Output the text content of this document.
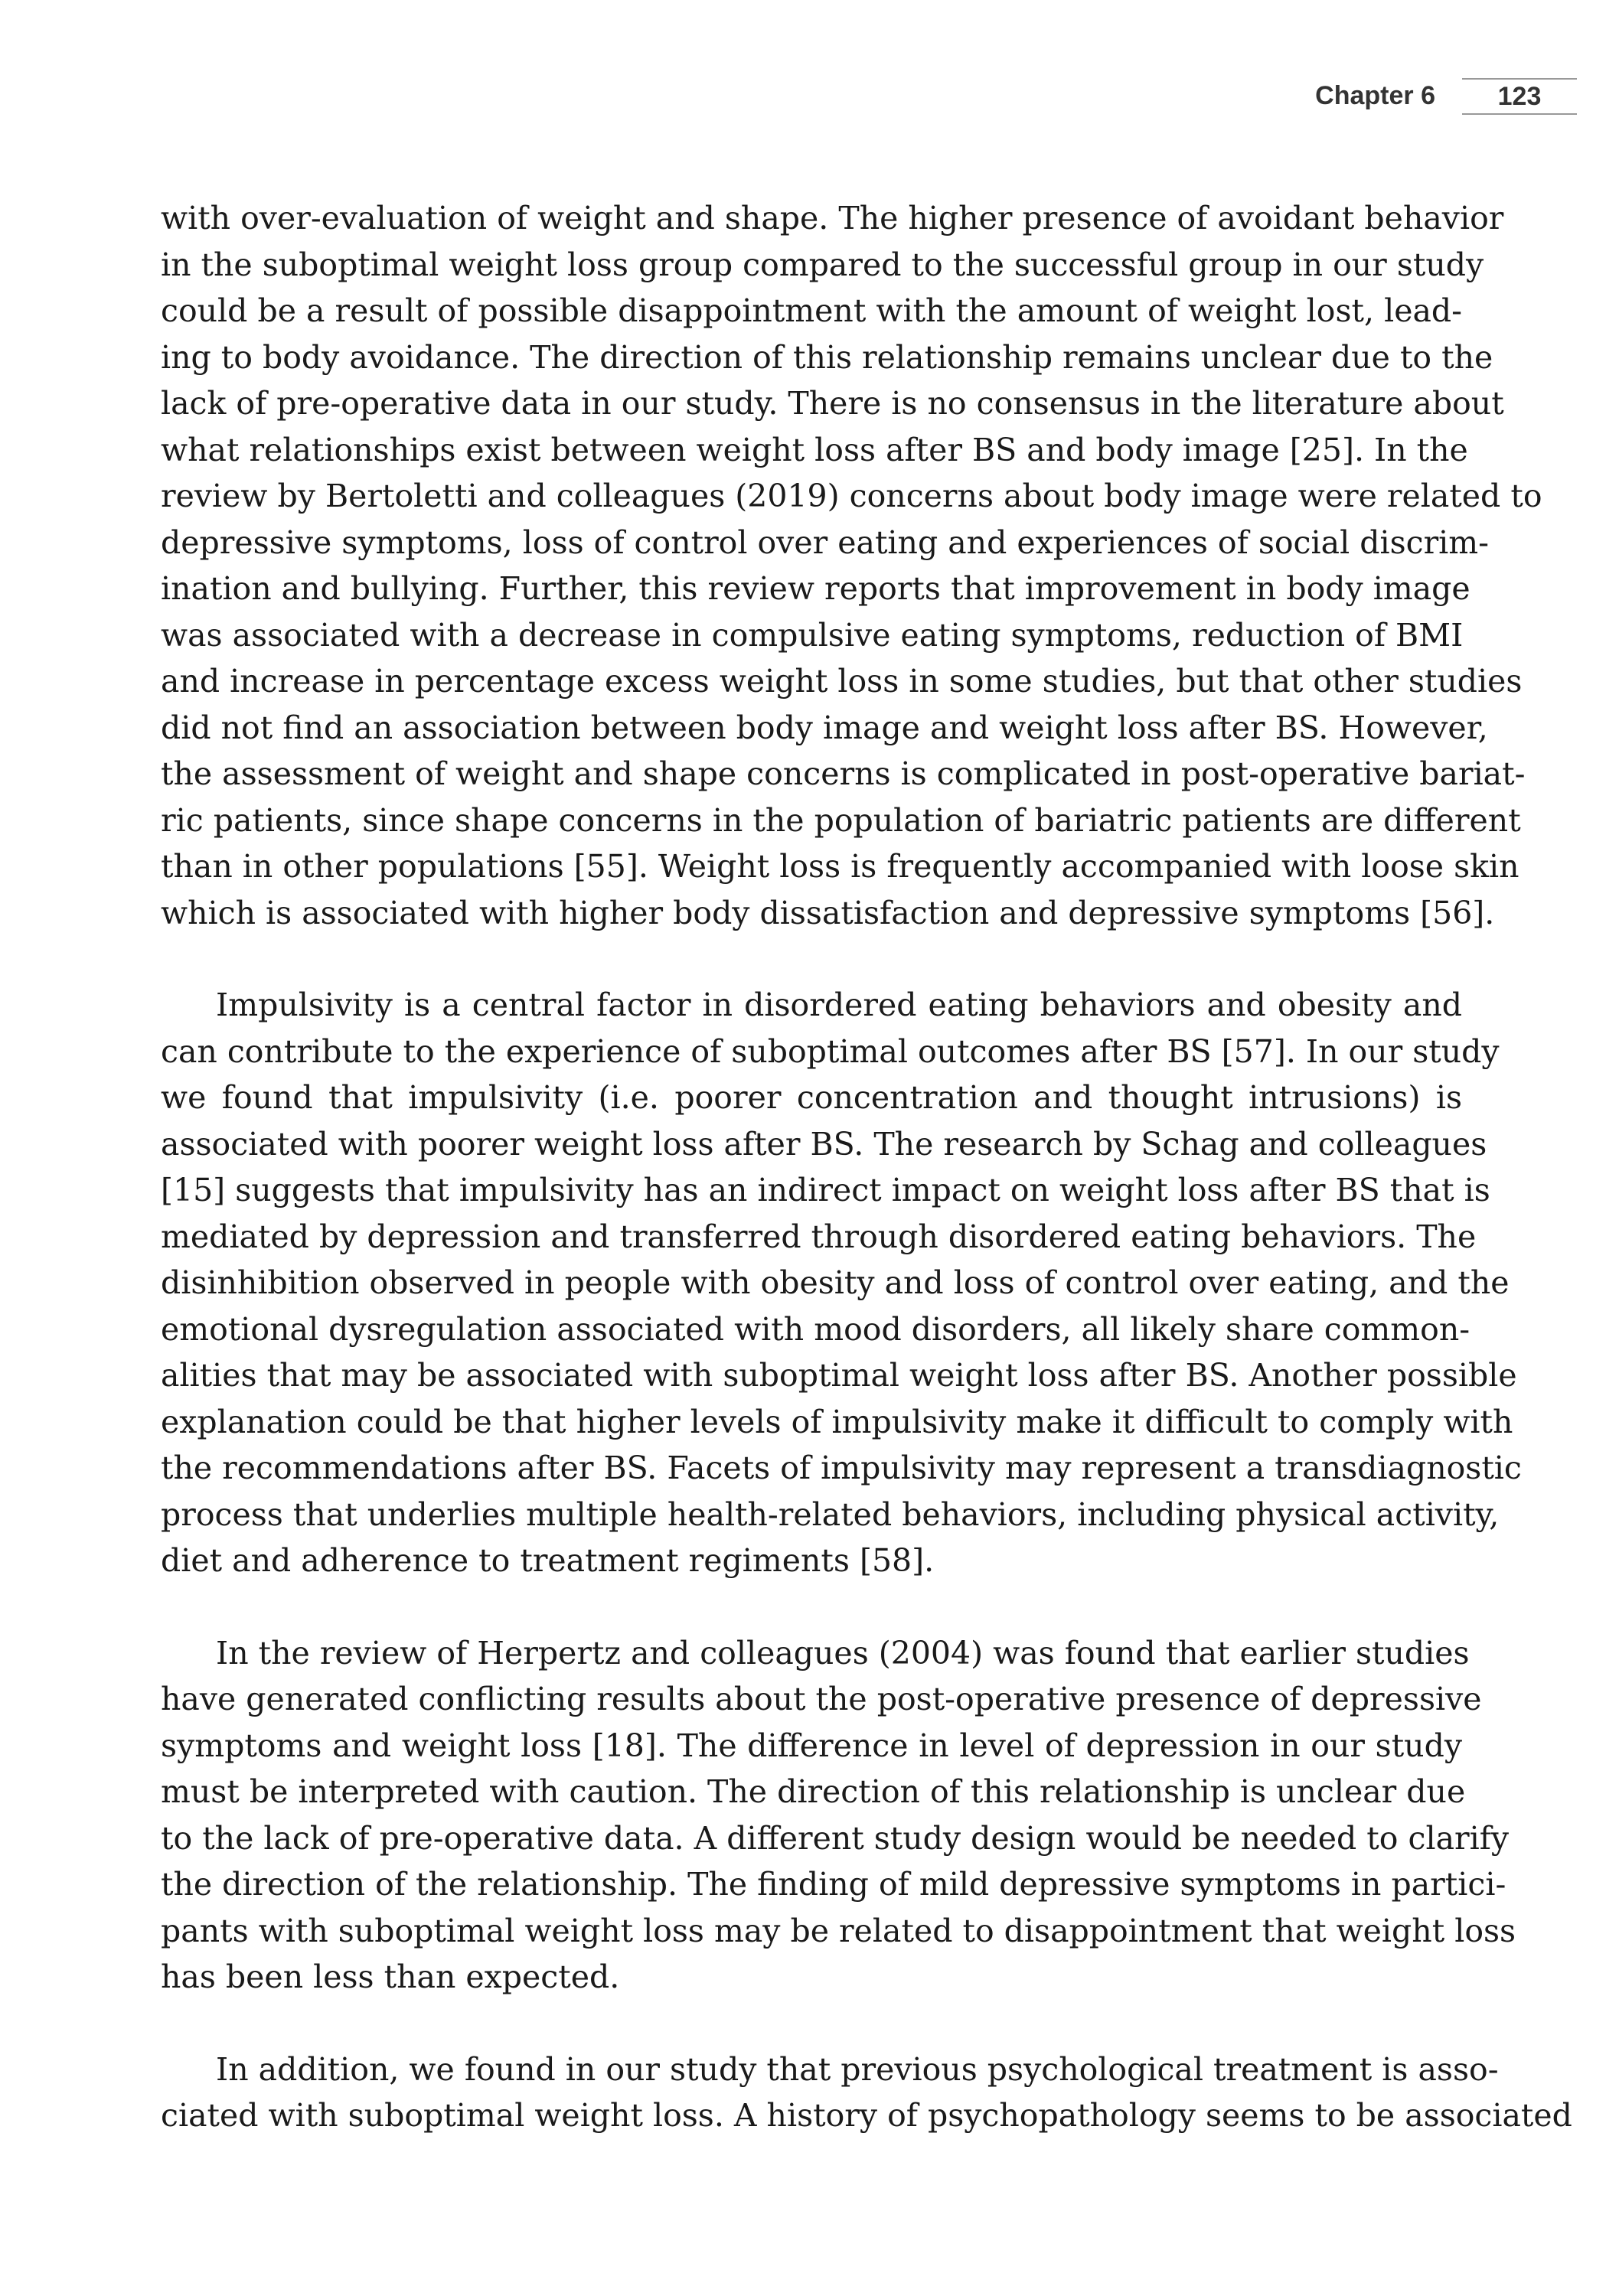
Chapter 6	123
with over-evaluation of weight and shape. The higher presence of avoidant behavior
in the suboptimal weight loss group compared to the successful group in our study
could be a result of possible disappointment with the amount of weight lost, lead-
ing to body avoidance. The direction of this relationship remains unclear due to the
lack of pre-operative data in our study. There is no consensus in the literature about
what relationships exist between weight loss after BS and body image [25]. In the
review by Bertoletti and colleagues (2019) concerns about body image were related to
depressive symptoms, loss of control over eating and experiences of social discrim-
ination and bullying. Further, this review reports that improvement in body image
was associated with a decrease in compulsive eating symptoms, reduction of BMI
and increase in percentage excess weight loss in some studies, but that other studies
did not find an association between body image and weight loss after BS. However,
the assessment of weight and shape concerns is complicated in post-operative bariat-
ric patients, since shape concerns in the population of bariatric patients are different
than in other populations [55]. Weight loss is frequently accompanied with loose skin
which is associated with higher body dissatisfaction and depressive symptoms [56].
Impulsivity is a central factor in disordered eating behaviors and obesity and
can contribute to the experience of suboptimal outcomes after BS [57]. In our study
we found that impulsivity (i.e. poorer concentration and thought intrusions) is
associated with poorer weight loss after BS. The research by Schag and colleagues
[15] suggests that impulsivity has an indirect impact on weight loss after BS that is
mediated by depression and transferred through disordered eating behaviors. The
disinhibition observed in people with obesity and loss of control over eating, and the
emotional dysregulation associated with mood disorders, all likely share common-
alities that may be associated with suboptimal weight loss after BS. Another possible
explanation could be that higher levels of impulsivity make it difficult to comply with
the recommendations after BS. Facets of impulsivity may represent a transdiagnostic
process that underlies multiple health-related behaviors, including physical activity,
diet and adherence to treatment regiments [58].
In the review of Herpertz and colleagues (2004) was found that earlier studies
have generated conflicting results about the post-operative presence of depressive
symptoms and weight loss [18]. The difference in level of depression in our study
must be interpreted with caution. The direction of this relationship is unclear due
to the lack of pre-operative data. A different study design would be needed to clarify
the direction of the relationship. The finding of mild depressive symptoms in partici-
pants with suboptimal weight loss may be related to disappointment that weight loss
has been less than expected.
In addition, we found in our study that previous psychological treatment is asso-
ciated with suboptimal weight loss. A history of psychopathology seems to be associated
